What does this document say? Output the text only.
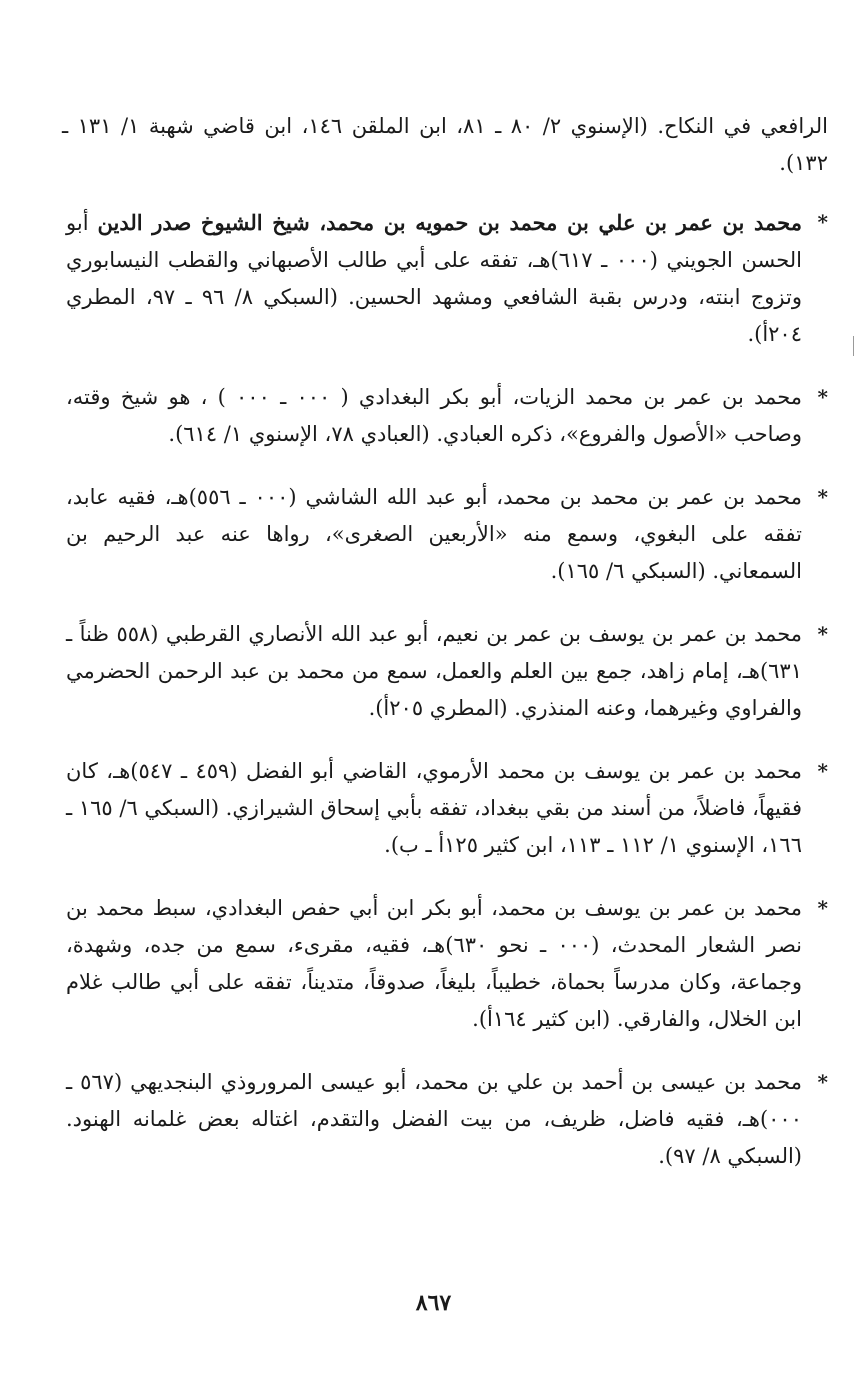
الرافعي في النكاح. (الإسنوي ٢/ ٨٠ ـ ٨١، ابن الملقن ١٤٦، ابن قاضي شهبة ١/ ١٣١ ـ ١٣٢).

*
محمد بن عمر بن علي بن محمد بن حمويه بن محمد، شيخ الشيوخ صدر الدين أبو الحسن الجويني (٠٠٠ ـ ٦١٧)هـ، تفقه على أبي طالب الأصبهاني والقطب النيسابوري وتزوج ابنته، ودرس بقبة الشافعي ومشهد الحسين. (السبكي ٨/ ٩٦ ـ ٩٧، المطري ٢٠٤أ).

*
محمد بن عمر بن محمد الزيات، أبو بكر البغدادي ( ٠٠٠ ـ ٠٠٠ ) ، هو شيخ وقته، وصاحب «الأصول والفروع»، ذكره العبادي. (العبادي ٧٨، الإسنوي ١/ ٦١٤).

*
محمد بن عمر بن محمد بن محمد، أبو عبد الله الشاشي (٠٠٠ ـ ٥٥٦)هـ، فقيه عابد، تفقه على البغوي، وسمع منه «الأربعين الصغرى»، رواها عنه عبد الرحيم بن السمعاني. (السبكي ٦/ ١٦٥).

*
محمد بن عمر بن يوسف بن عمر بن نعيم، أبو عبد الله الأنصاري القرطبي (٥٥٨ ظناً ـ ٦٣١)هـ، إمام زاهد، جمع بين العلم والعمل، سمع من محمد بن عبد الرحمن الحضرمي والفراوي وغيرهما، وعنه المنذري. (المطري ٢٠٥أ).

*
محمد بن عمر بن يوسف بن محمد الأرموي، القاضي أبو الفضل (٤٥٩ ـ ٥٤٧)هـ، كان فقيهاً، فاضلاً، من أسند من بقي ببغداد، تفقه بأبي إسحاق الشيرازي. (السبكي ٦/ ١٦٥ ـ ١٦٦، الإسنوي ١/ ١١٢ ـ ١١٣، ابن كثير ١٢٥أ ـ ب).

*
محمد بن عمر بن يوسف بن محمد، أبو بكر ابن أبي حفص البغدادي، سبط محمد بن نصر الشعار المحدث، (٠٠٠ ـ نحو ٦٣٠)هـ، فقيه، مقرىء، سمع من جده، وشهدة، وجماعة، وكان مدرساً بحماة، خطيباً، بليغاً، صدوقاً، متديناً، تفقه على أبي طالب غلام ابن الخلال، والفارقي. (ابن كثير ١٦٤أ).

*
محمد بن عيسى بن أحمد بن علي بن محمد، أبو عيسى المروروذي البنجديهي (٥٦٧ ـ ٠٠٠)هـ، فقيه فاضل، ظريف، من بيت الفضل والتقدم، اغتاله بعض غلمانه الهنود. (السبكي ٨/ ٩٧).

٨٦٧
